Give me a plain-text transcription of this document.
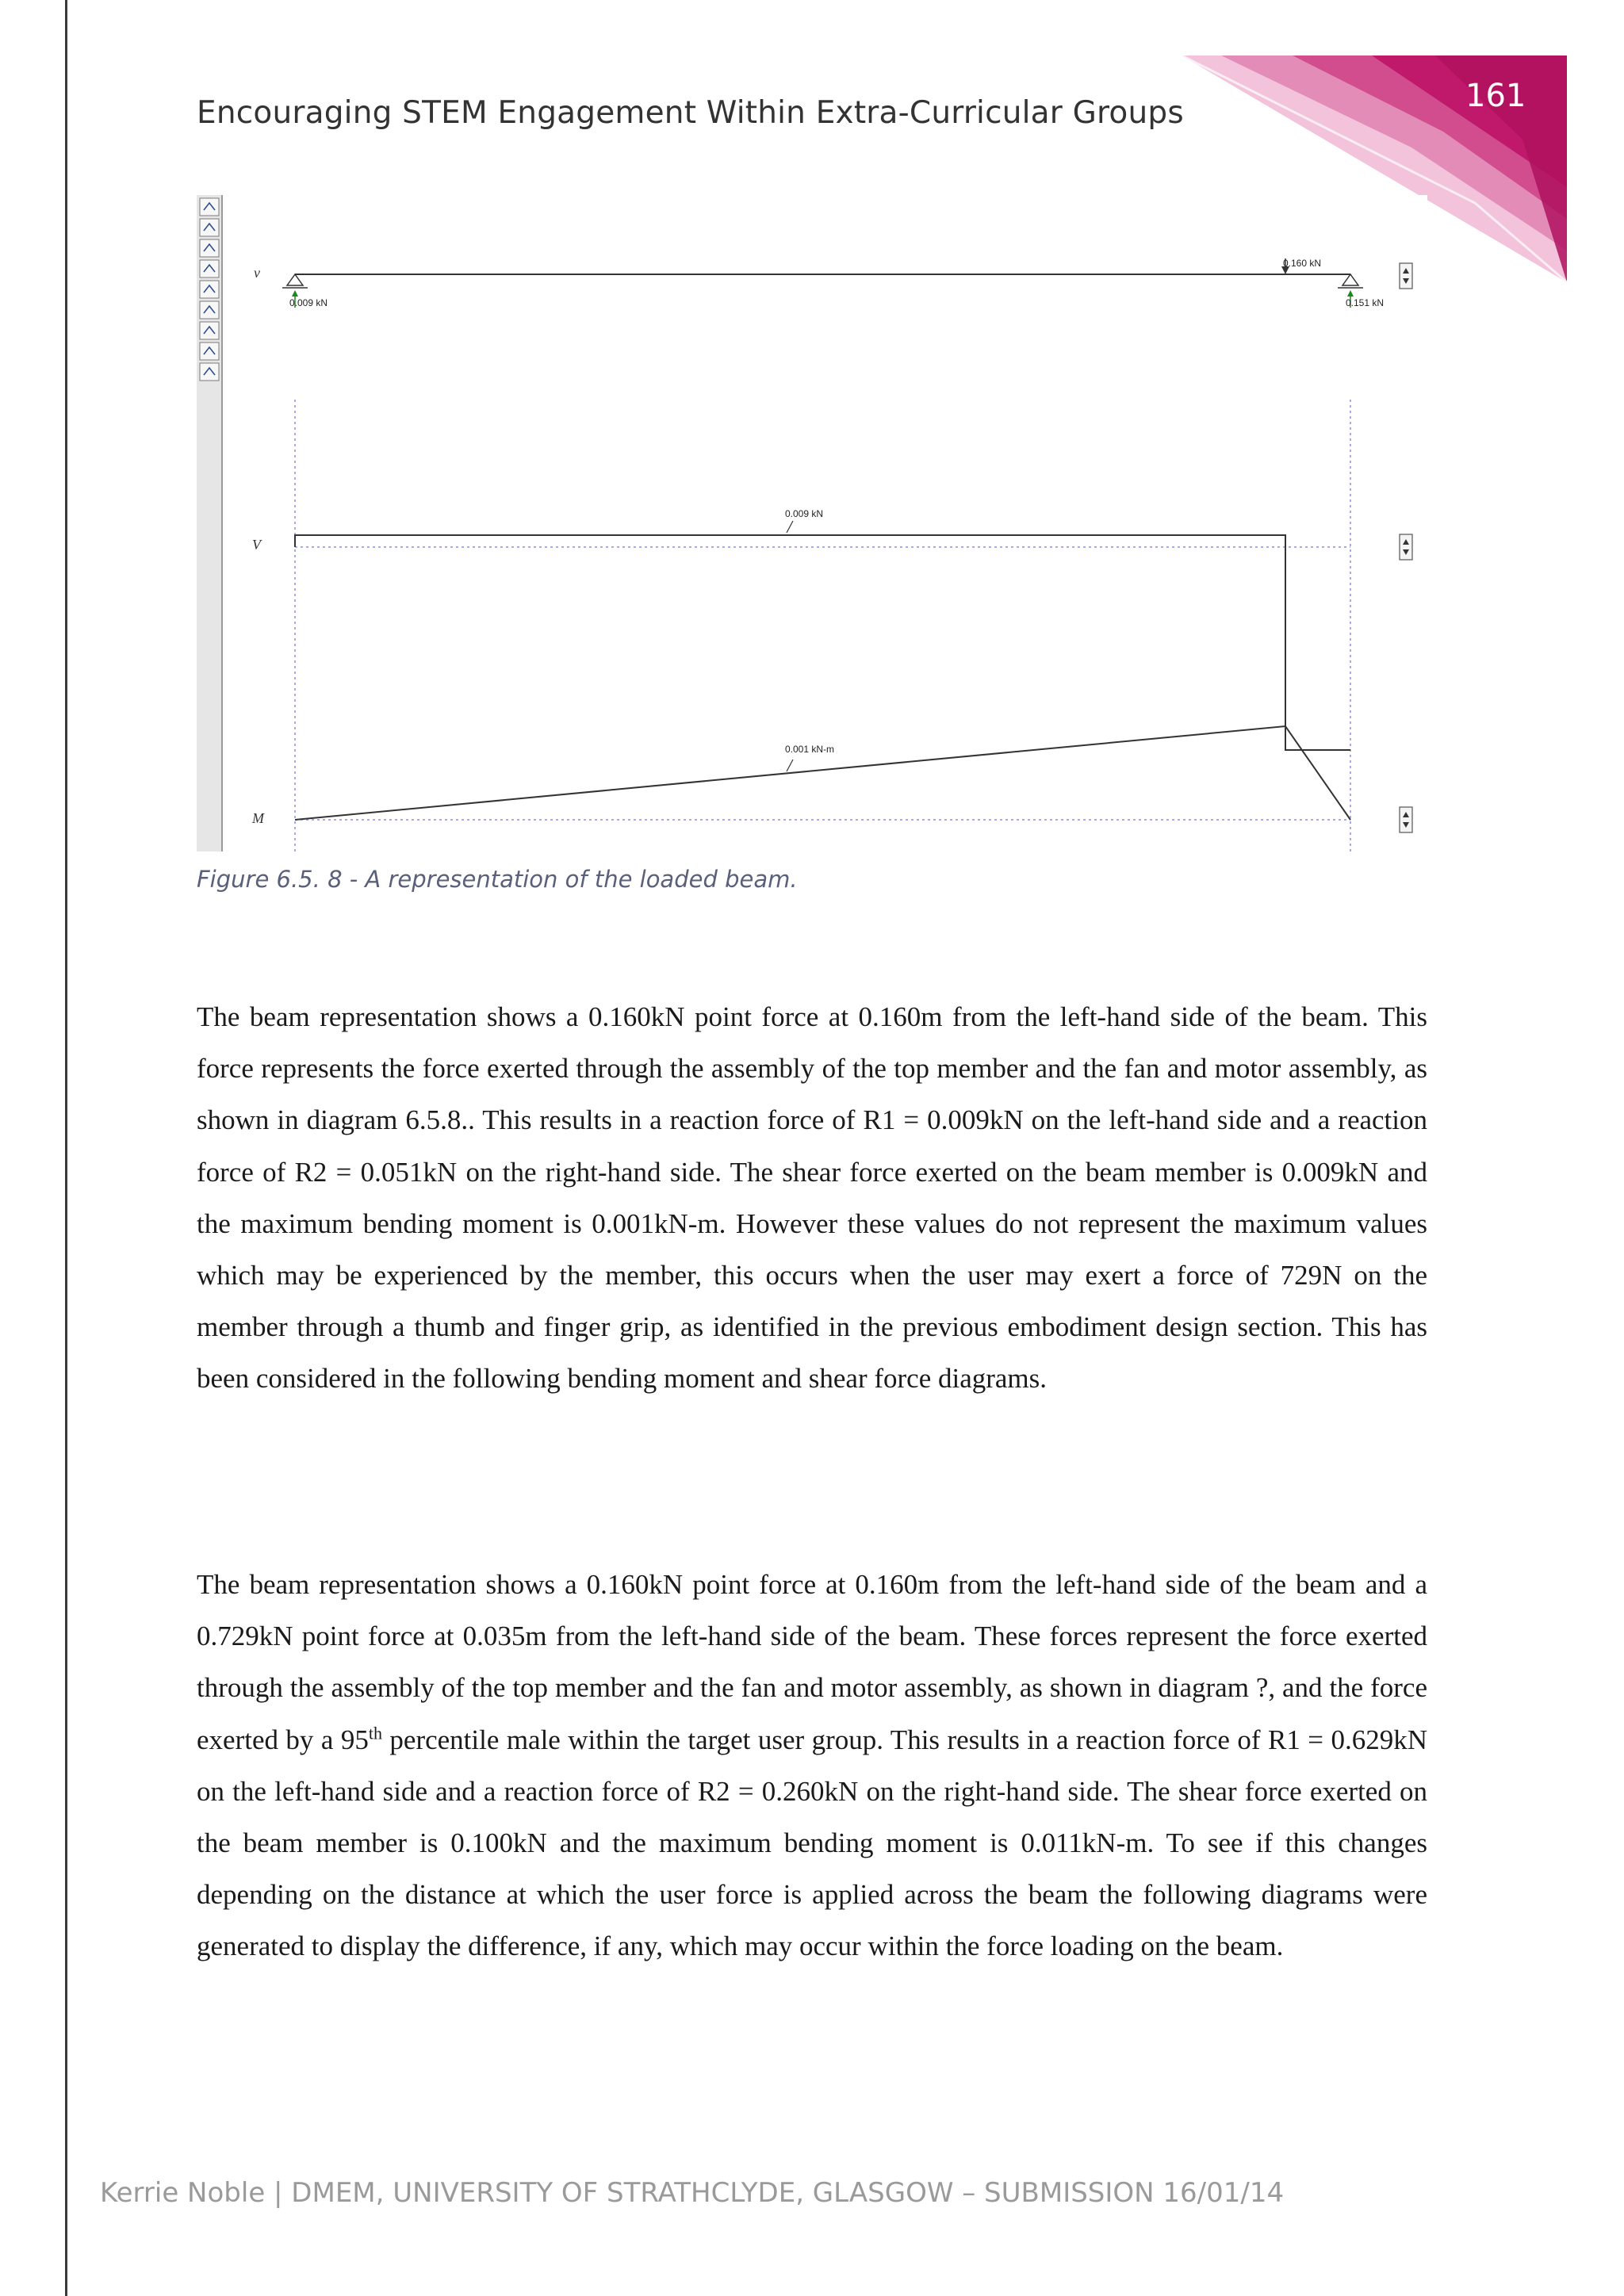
Encouraging STEM Engagement Within Extra-Curricular Groups	161
v
V
M
0.160 kN
0.009 kN	0.151 kN
0.009 kN
0.001 kN-m
Figure 6.5. 8 - A representation of the loaded beam.

The beam representation shows a 0.160kN point force at 0.160m from the left-hand side of the beam. This force represents the force exerted through the assembly of the top member and the fan and motor assembly, as shown in diagram 6.5.8.. This results in a reaction force of R1 = 0.009kN on the left-hand side and a reaction force of R2 = 0.051kN on the right-hand side. The shear force exerted on the beam member is 0.009kN and the maximum bending moment is 0.001kN-m. However these values do not represent the maximum values which may be experienced by the member, this occurs when the user may exert a force of 729N on the member through a thumb and finger grip, as identified in the previous embodiment design section. This has been considered in the following bending moment and shear force diagrams.

The beam representation shows a 0.160kN point force at 0.160m from the left-hand side of the beam and a 0.729kN point force at 0.035m from the left-hand side of the beam. These forces represent the force exerted through the assembly of the top member and the fan and motor assembly, as shown in diagram ?, and the force exerted by a 95th percentile male within the target user group. This results in a reaction force of R1 = 0.629kN on the left-hand side and a reaction force of R2 = 0.260kN on the right-hand side. The shear force exerted on the beam member is 0.100kN and the maximum bending moment is 0.011kN-m. To see if this changes depending on the distance at which the user force is applied across the beam the following diagrams were generated to display the difference, if any, which may occur within the force loading on the beam.

Kerrie Noble | DMEM, UNIVERSITY OF STRATHCLYDE, GLASGOW – SUBMISSION 16/01/14
